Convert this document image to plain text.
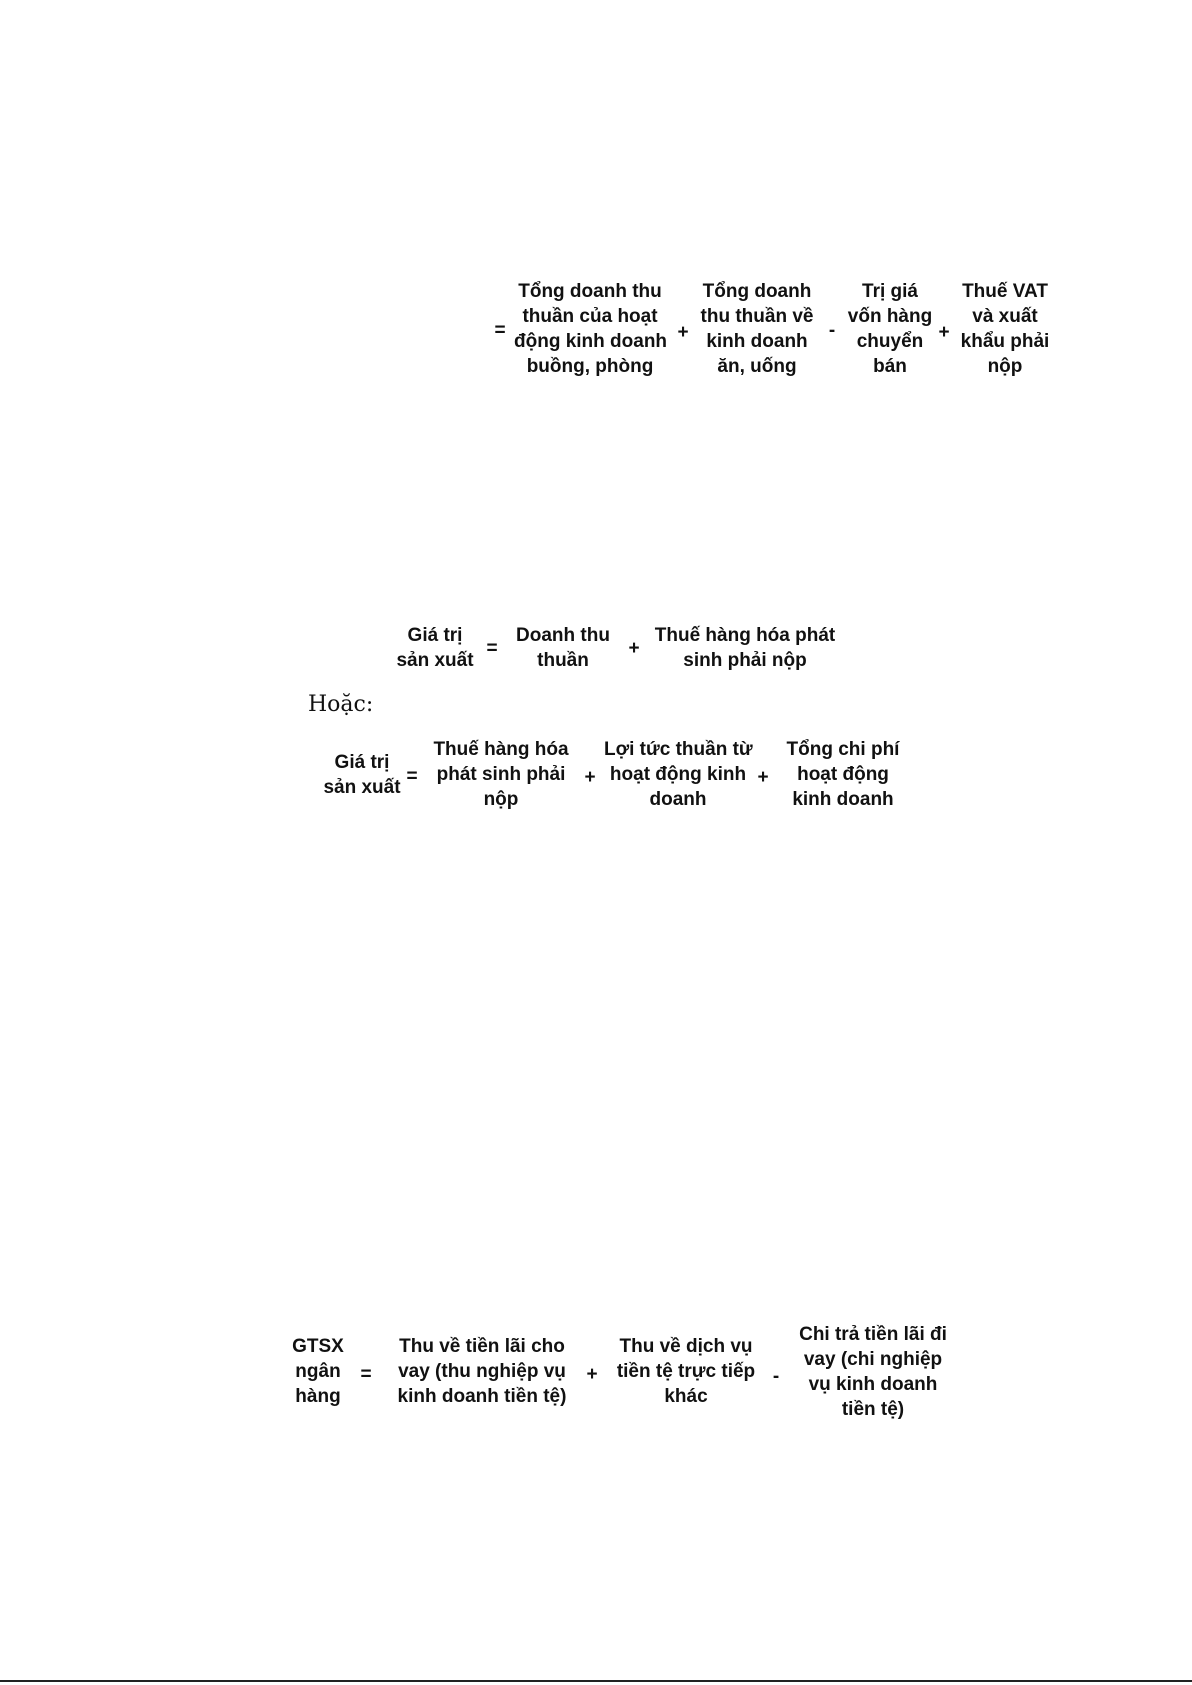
=
Tổng doanh thu
thuần của hoạt
động kinh doanh
buồng, phòng
+
Tổng doanh
thu thuần về
kinh doanh
ăn, uống
-
Trị giá
vốn hàng
chuyển
bán
+
Thuế VAT
và xuất
khẩu phải
nộp
Giá trị
sản xuất
=
Doanh thu
thuần
+
Thuế hàng hóa phát
sinh phải nộp
Hoặc:
Giá trị
sản xuất
=
Thuế hàng hóa
phát sinh phải
nộp
+
Lợi tức thuần từ
hoạt động kinh
doanh
+
Tổng chi phí
hoạt động
kinh doanh
GTSX
ngân
hàng
=
Thu về tiền lãi cho
vay (thu nghiệp vụ
kinh doanh tiền tệ)
+
Thu về dịch vụ
tiền tệ trực tiếp
khác
-
Chi trả tiền lãi đi
vay (chi nghiệp
vụ kinh doanh
tiền tệ)
